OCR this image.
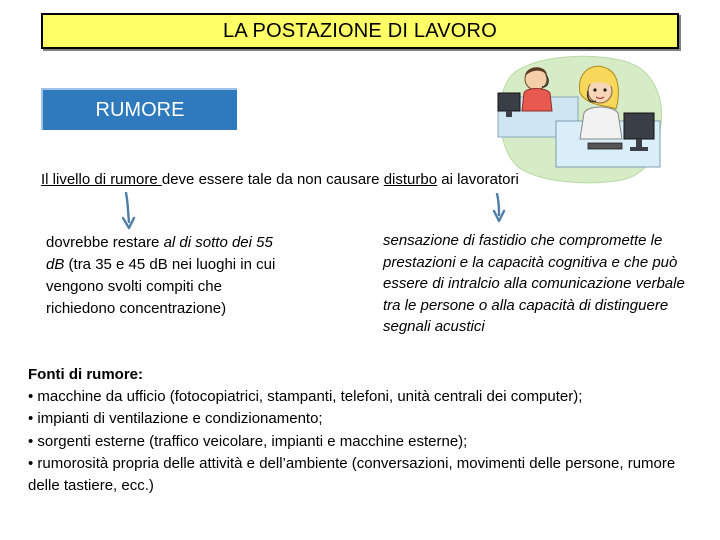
LA POSTAZIONE DI LAVORO
RUMORE
Il livello di rumore deve essere tale da non causare disturbo ai lavoratori
dovrebbe restare al di sotto dei 55 dB (tra 35 e 45 dB nei luoghi in cui vengono svolti compiti che richiedono concentrazione)
sensazione di fastidio che compromette le prestazioni e la capacità cognitiva e che può essere di intralcio alla comunicazione verbale tra le persone o alla capacità di distinguere segnali acustici
Fonti di rumore:
• macchine da ufficio (fotocopiatrici, stampanti, telefoni, unità centrali dei computer);
• impianti di ventilazione e condizionamento;
• sorgenti esterne (traffico veicolare, impianti e macchine esterne);
• rumorosità propria delle attività e dell’ambiente (conversazioni, movimenti delle persone, rumore delle tastiere, ecc.)
